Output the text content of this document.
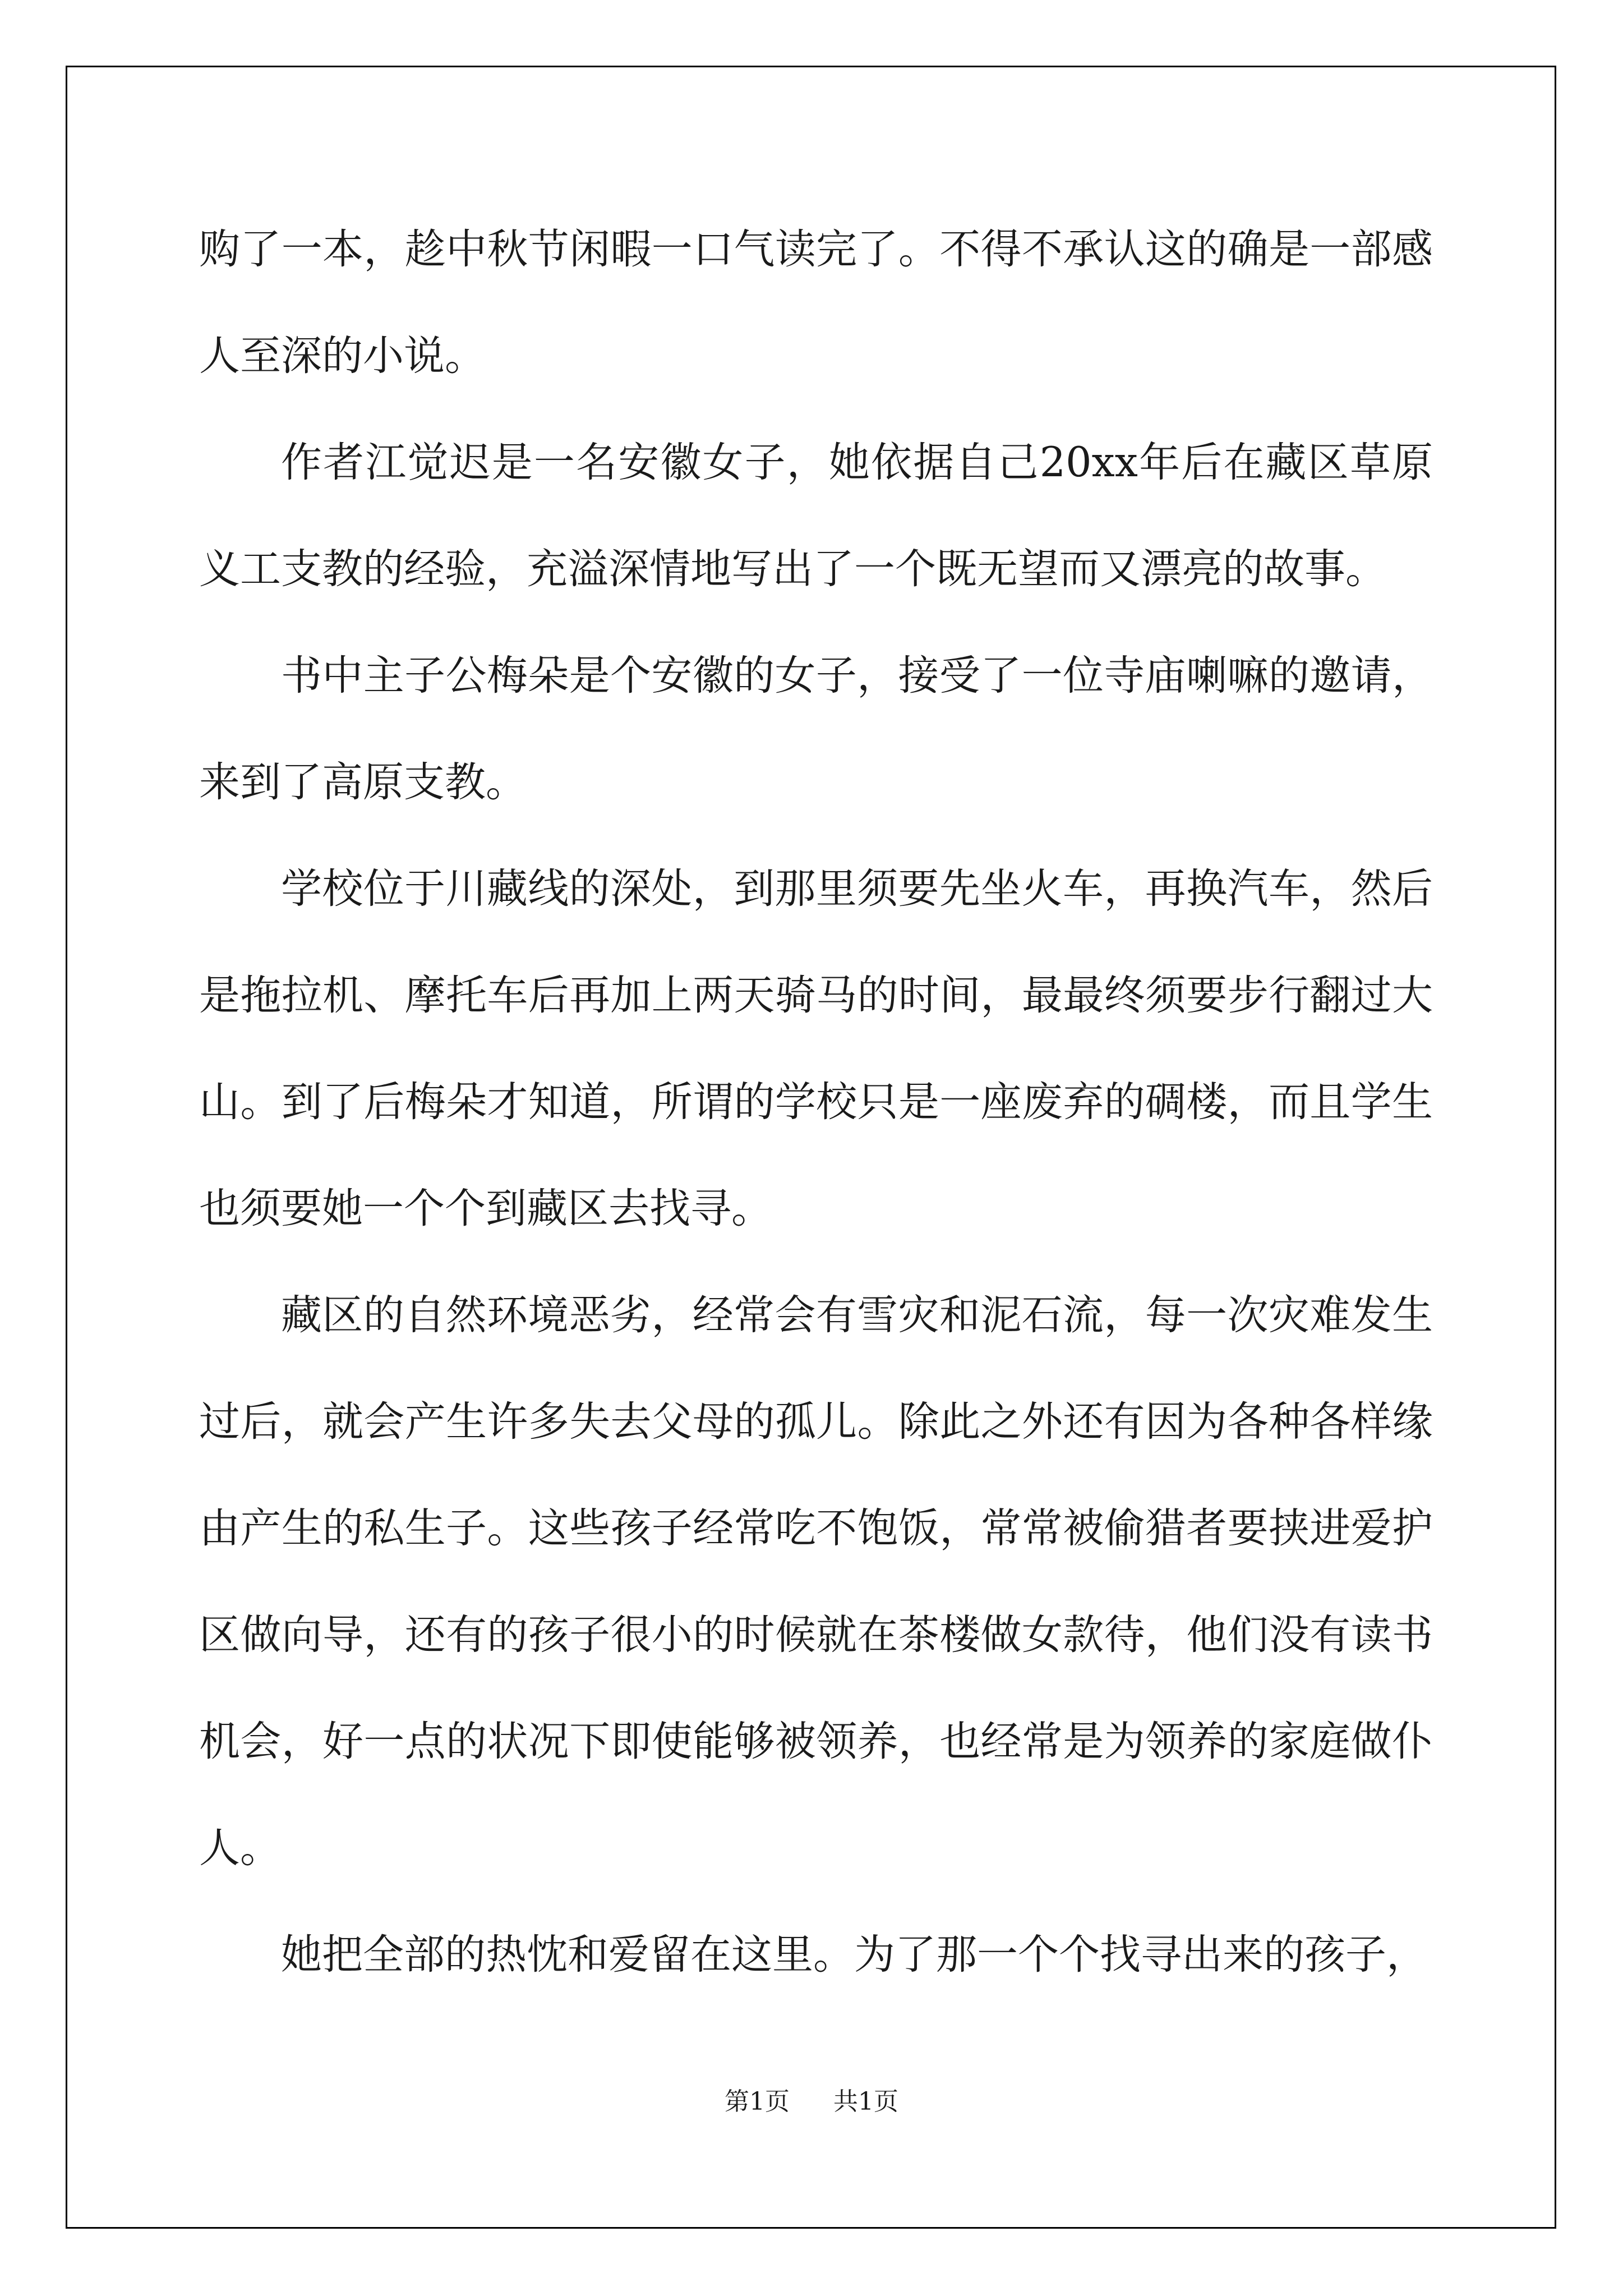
购了一本，趁中秋节闲暇一口气读完了。不得不承认这的确是一部感人至深的小说。

作者江觉迟是一名安徽女子，她依据自己20xx年后在藏区草原义工支教的经验，充溢深情地写出了一个既无望而又漂亮的故事。

书中主子公梅朵是个安徽的女子，接受了一位寺庙喇嘛的邀请，来到了高原支教。

学校位于川藏线的深处，到那里须要先坐火车，再换汽车，然后是拖拉机、摩托车后再加上两天骑马的时间，最最终须要步行翻过大山。到了后梅朵才知道，所谓的学校只是一座废弃的碉楼，而且学生也须要她一个个到藏区去找寻。

藏区的自然环境恶劣，经常会有雪灾和泥石流，每一次灾难发生过后，就会产生许多失去父母的孤儿。除此之外还有因为各种各样缘由产生的私生子。这些孩子经常吃不饱饭，常常被偷猎者要挟进爱护区做向导，还有的孩子很小的时候就在茶楼做女款待，他们没有读书机会，好一点的状况下即使能够被领养，也经常是为领养的家庭做仆人。

她把全部的热忱和爱留在这里。为了那一个个找寻出来的孩子，

第1页 共1页
